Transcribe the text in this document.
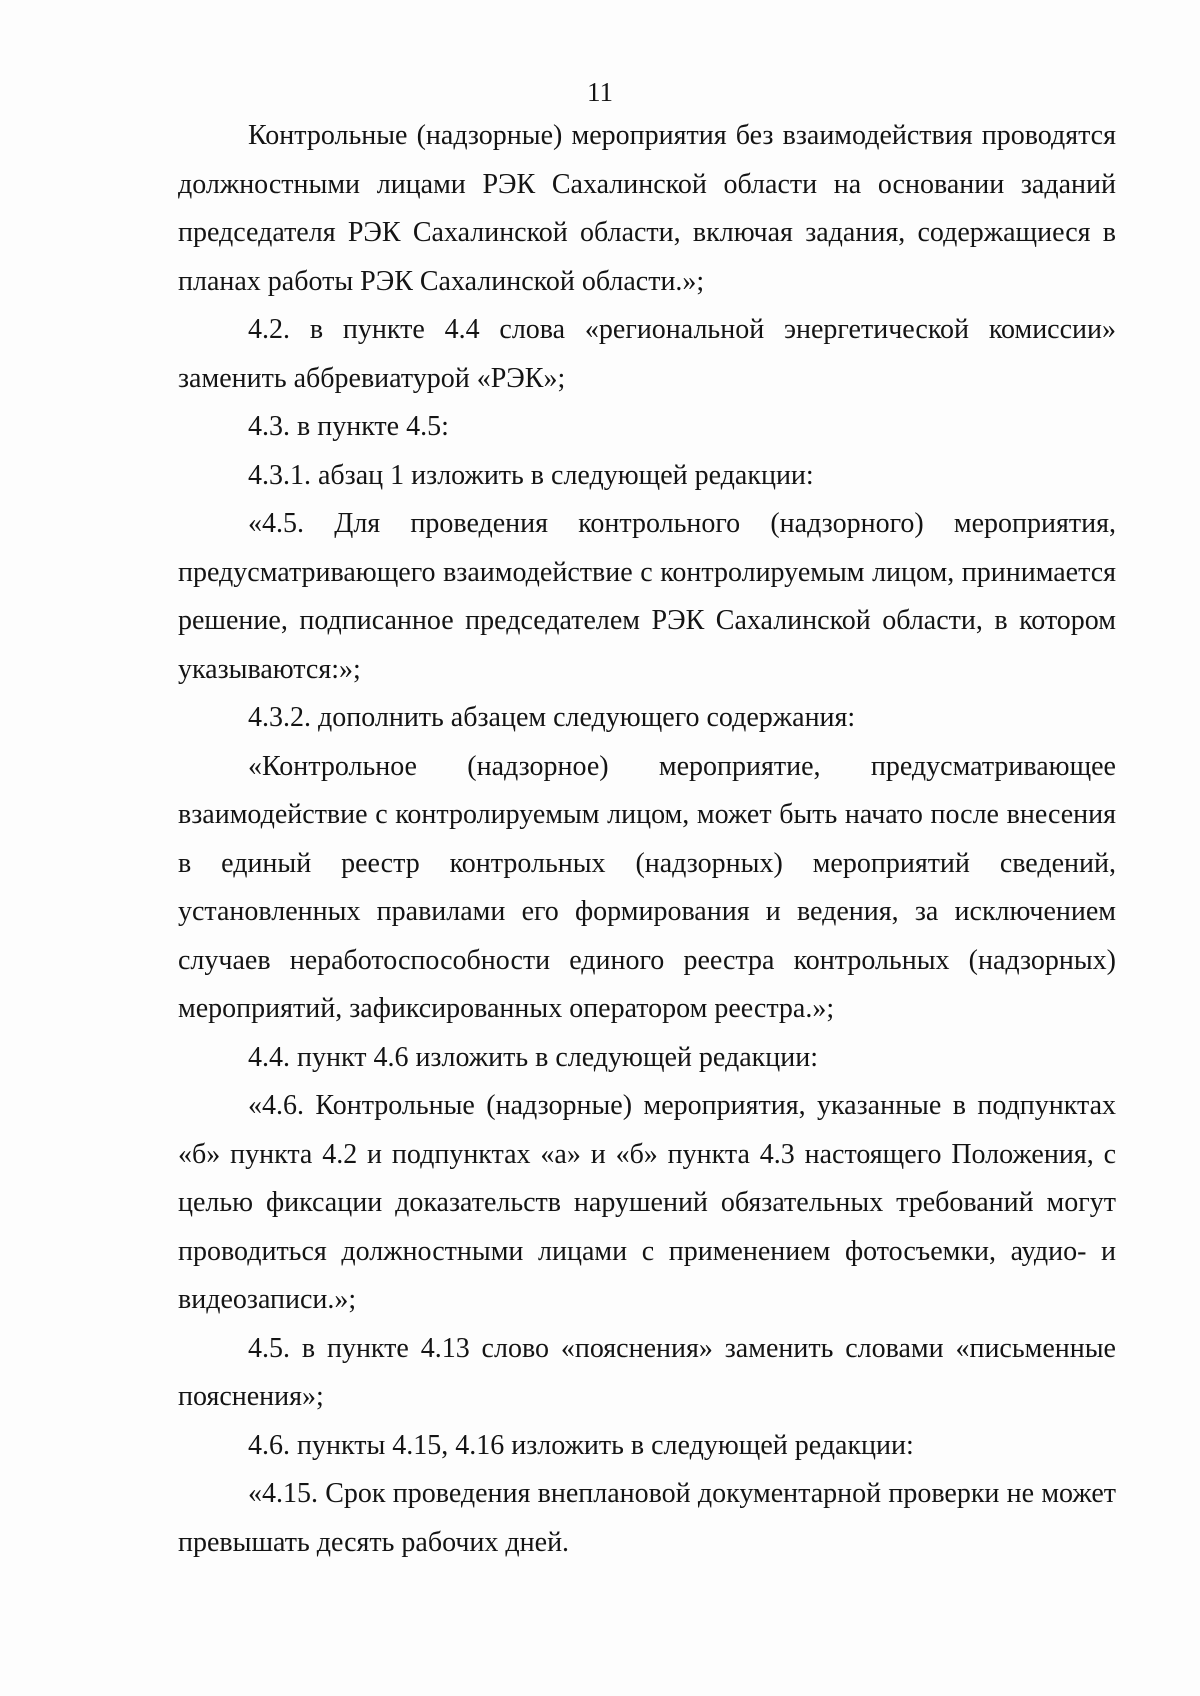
11

Контрольные (надзорные) мероприятия без взаимодействия проводятся должностными лицами РЭК Сахалинской области на основании заданий председателя РЭК Сахалинской области, включая задания, содержащиеся в планах работы РЭК Сахалинской области.»;

4.2. в пункте 4.4 слова «региональной энергетической комиссии» заменить аббревиатурой «РЭК»;

4.3. в пункте 4.5:

4.3.1. абзац 1 изложить в следующей редакции:

«4.5. Для проведения контрольного (надзорного) мероприятия, предусматривающего взаимодействие с контролируемым лицом, принимается решение, подписанное председателем РЭК Сахалинской области, в котором указываются:»;

4.3.2. дополнить абзацем следующего содержания:

«Контрольное (надзорное) мероприятие, предусматривающее взаимодействие с контролируемым лицом, может быть начато после внесения в единый реестр контрольных (надзорных) мероприятий сведений, установленных правилами его формирования и ведения, за исключением случаев неработоспособности единого реестра контрольных (надзорных) мероприятий, зафиксированных оператором реестра.»;

4.4. пункт 4.6 изложить в следующей редакции:

«4.6. Контрольные (надзорные) мероприятия, указанные в подпунктах «б» пункта 4.2 и подпунктах «а» и «б» пункта 4.3 настоящего Положения, с целью фиксации доказательств нарушений обязательных требований могут проводиться должностными лицами с применением фотосъемки, аудио- и видеозаписи.»;

4.5. в пункте 4.13 слово «пояснения» заменить словами «письменные пояснения»;

4.6. пункты 4.15, 4.16 изложить в следующей редакции:

«4.15. Срок проведения внеплановой документарной проверки не может превышать десять рабочих дней.
